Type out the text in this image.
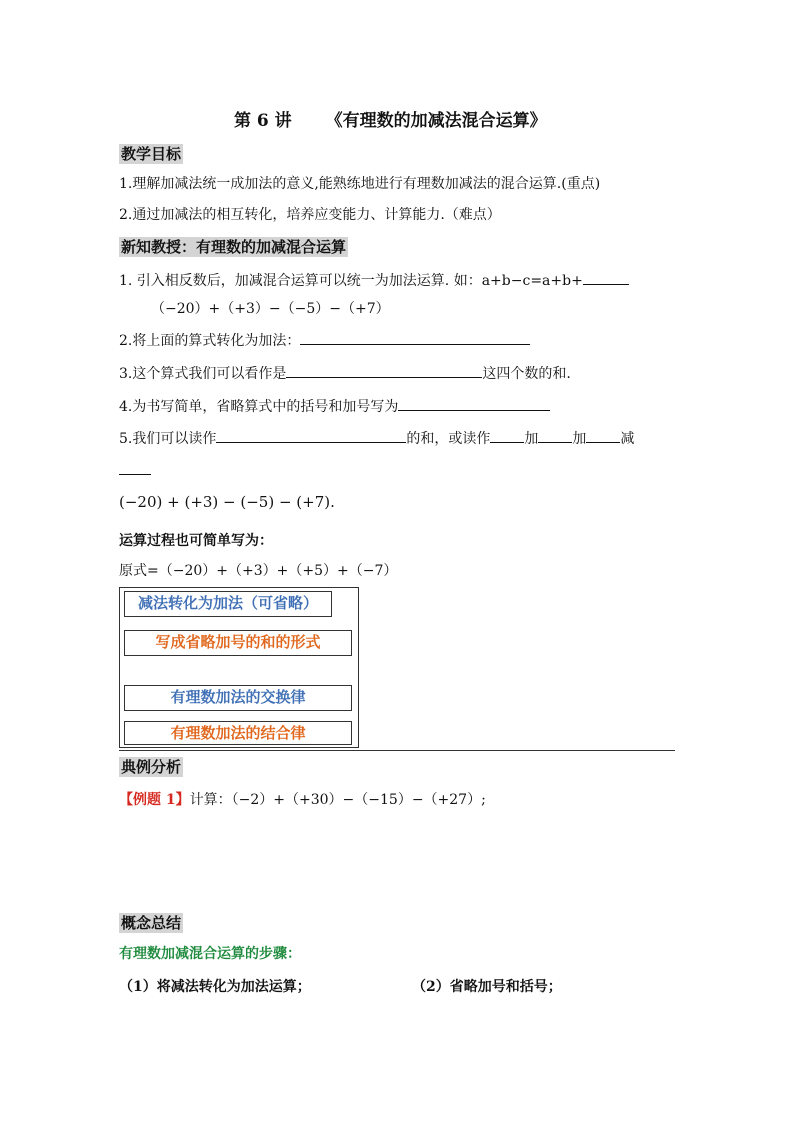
第 6 讲 《有理数的加减法混合运算》
教学目标
1.理解加减法统一成加法的意义,能熟练地进行有理数加减法的混合运算.(重点)
2.通过加减法的相互转化，培养应变能力、计算能力.（难点）
新知教授：有理数的加减混合运算
1. 引入相反数后，加减混合运算可以统一为加法运算. 如：a+b−c=a+b+
（−20）+（+3）−（−5）−（+7）
2.将上面的算式转化为加法：
3.这个算式我们可以看作是	这四个数的和.
4.为书写简单，省略算式中的括号和加号写为
5.我们可以读作	的和，或读作 加 加 减
(−20) + (+3) − (−5) − (+7).
运算过程也可简单写为：
原式=（−20）+（+3）+（+5）+（−7）
减法转化为加法（可省略）
写成省略加号的和的形式
有理数加法的交换律
有理数加法的结合律
典例分析
【例题 1】计算：（−2）+（+30）−（−15）−（+27）;
概念总结
有理数加减混合运算的步骤：
（1）将减法转化为加法运算；	（2）省略加号和括号；
